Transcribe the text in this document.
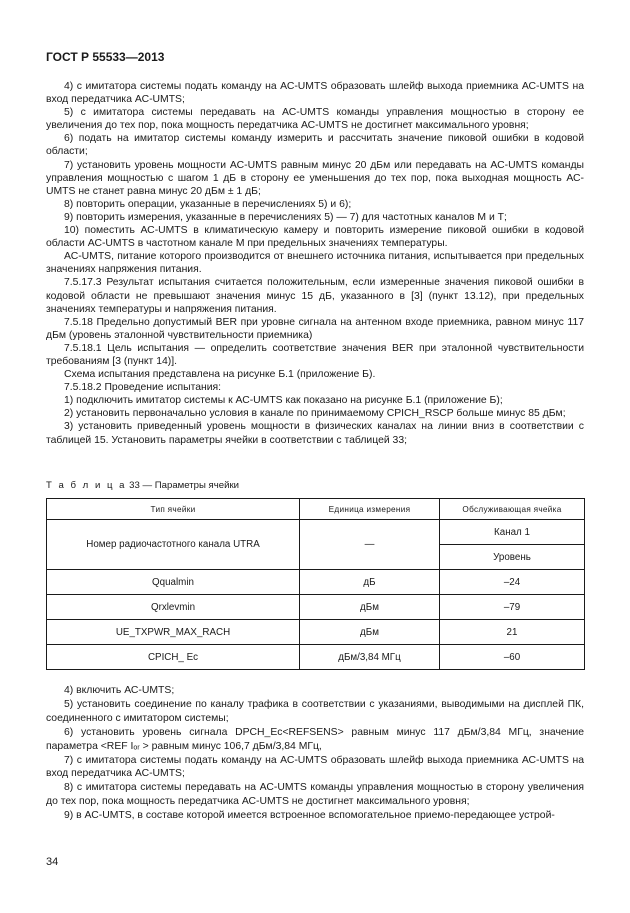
ГОСТ Р 55533—2013

4) с имитатора системы подать команду на АС-UMTS образовать шлейф выхода приемника АС-UMTS на вход передатчика АС-UMTS;

5) с имитатора системы передавать на АС-UMTS команды управления мощностью в сторону ее увеличения до тех пор, пока мощность передатчика АС-UMTS не достигнет максимального уровня;

6) подать на имитатор системы команду измерить и рассчитать значение пиковой ошибки в кодовой области;

7) установить уровень мощности АС-UMTS равным минус 20 дБм или передавать на АС-UMTS команды управления мощностью с шагом 1 дБ в сторону ее уменьшения до тех пор, пока выходная мощность АС-UMTS не станет равна минус 20 дБм ± 1 дБ;

8) повторить операции, указанные в перечислениях 5) и 6);

9) повторить измерения, указанные в перечислениях 5) — 7) для частотных каналов М и Т;

10) поместить АС-UMTS в климатическую камеру и повторить измерение пиковой ошибки в кодовой области АС-UMTS в частотном канале М при предельных значениях температуры.

АС-UMTS, питание которого производится от внешнего источника питания, испытывается при предельных значениях напряжения питания.

7.5.17.3 Результат испытания считается положительным, если измеренные значения пиковой ошибки в кодовой области не превышают значения минус 15 дБ, указанного в [3] (пункт 13.12), при предельных значениях температуры и напряжения питания.

7.5.18 Предельно допустимый BER при уровне сигнала на антенном входе приемника, равном минус 117 дБм (уровень эталонной чувствительности приемника)

7.5.18.1 Цель испытания — определить соответствие значения BER при эталонной чувствительности требованиям [3 (пункт 14)].

Схема испытания представлена на рисунке Б.1 (приложение Б).

7.5.18.2 Проведение испытания:

1) подключить имитатор системы к АС-UMTS как показано на рисунке Б.1 (приложение Б);

2) установить первоначально условия в канале по принимаемому CPICH_RSCP больше минус 85 дБм;

3) установить приведенный уровень мощности в физических каналах на линии вниз в соответствии с таблицей 15. Установить параметры ячейки в соответствии с таблицей 33;

Т а б л и ц а 33 — Параметры ячейки
Тип ячейки	Единица измерения	Обслуживающая ячейка
Номер радиочастотного канала UTRA	—	Канал 1
		Уровень
Qqualmin	дБ	–24
Qrxlevmin	дБм	–79
UE_TXPWR_MAX_RACH	дБм	21
CPICH_ Ec	дБм/3,84 МГц	–60

4) включить АС-UMTS;

5) установить соединение по каналу трафика в соответствии с указаниями, выводимыми на дисплей ПК, соединенного с имитатором системы;

6) установить уровень сигнала DPCH_Ec<REFSENS> равным минус 117 дБм/3,84 МГц, значение параметра <REF Iₒᵣ > равным минус 106,7 дБм/3,84 МГц,

7) с имитатора системы подать команду на АС-UMTS образовать шлейф выхода приемника АС-UMTS на вход передатчика АС-UMTS;

8) с имитатора системы передавать на АС-UMTS команды управления мощностью в сторону увеличения до тех пор, пока мощность передатчика АС-UMTS не достигнет максимального уровня;

9) в АС-UMTS, в составе которой имеется встроенное вспомогательное приемо-передающее устрой-

34
